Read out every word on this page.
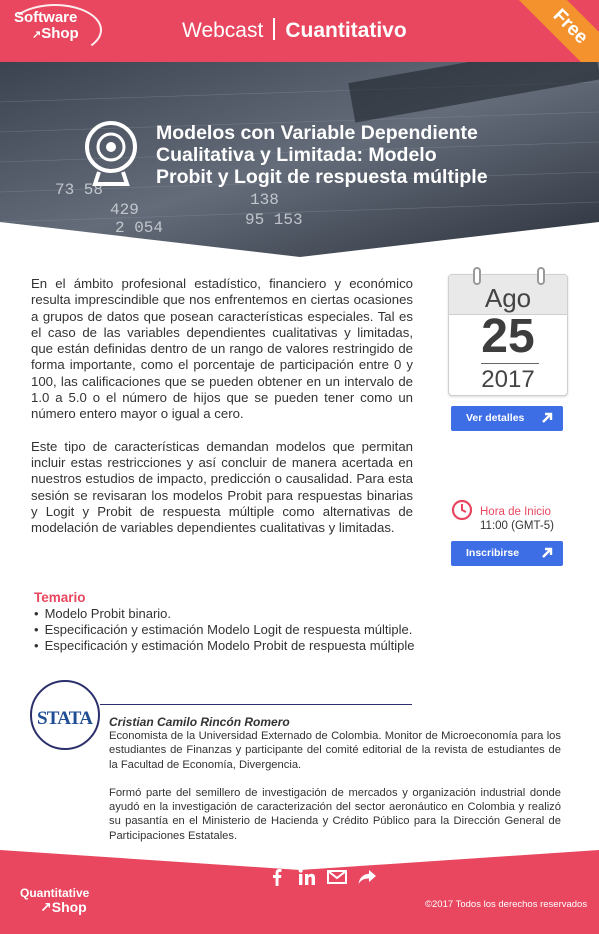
Software
↗Shop	Webcast Cuantitativo	Free
73 58
429
2 054
138
95 153
Modelos con Variable Dependiente
Cualitativa y Limitada: Modelo
Probit y Logit de respuesta múltiple

En el ámbito profesional estadístico, financiero y económico resulta imprescindible que nos enfrentemos en ciertas ocasiones a grupos de datos que posean características especiales. Tal es el caso de las variables dependientes cualitativas y limitadas, que están definidas dentro de un rango de valores restringido de forma importante, como el porcentaje de participación entre 0 y 100, las calificaciones que se pueden obtener en un intervalo de 1.0 a 5.0 o el número de hijos que se pueden tener como un número entero mayor o igual a cero.

Este tipo de características demandan modelos que permitan incluir estas restricciones y así concluir de manera acertada en nuestros estudios de impacto, predicción o causalidad. Para esta sesión se revisaran los modelos Probit para respuestas binarias y Logit y Probit de respuesta múltiple como alternativas de modelación de variables dependientes cualitativas y limitadas.

Ago
25
2017
Ver detalles
Hora de Inicio
11:00 (GMT-5)
Inscribirse
Temario
• Modelo Probit binario.
• Especificación y estimación Modelo Logit de respuesta múltiple.
• Especificación y estimación Modelo Probit de respuesta múltiple
STATA Cristian Camilo Rincón Romero

Economista de la Universidad Externado de Colombia. Monitor de Microeconomía para los estudiantes de Finanzas y participante del comité editorial de la revista de estudiantes de la Facultad de Economía, Divergencia.

Formó parte del semillero de investigación de mercados y organización industrial donde ayudó en la investigación de caracterización del sector aeronáutico en Colombia y realizó su pasantía en el Ministerio de Hacienda y Crédito Público para la Dirección General de Participaciones Estatales.

Quantitative
↗Shop	©2017 Todos los derechos reservados
